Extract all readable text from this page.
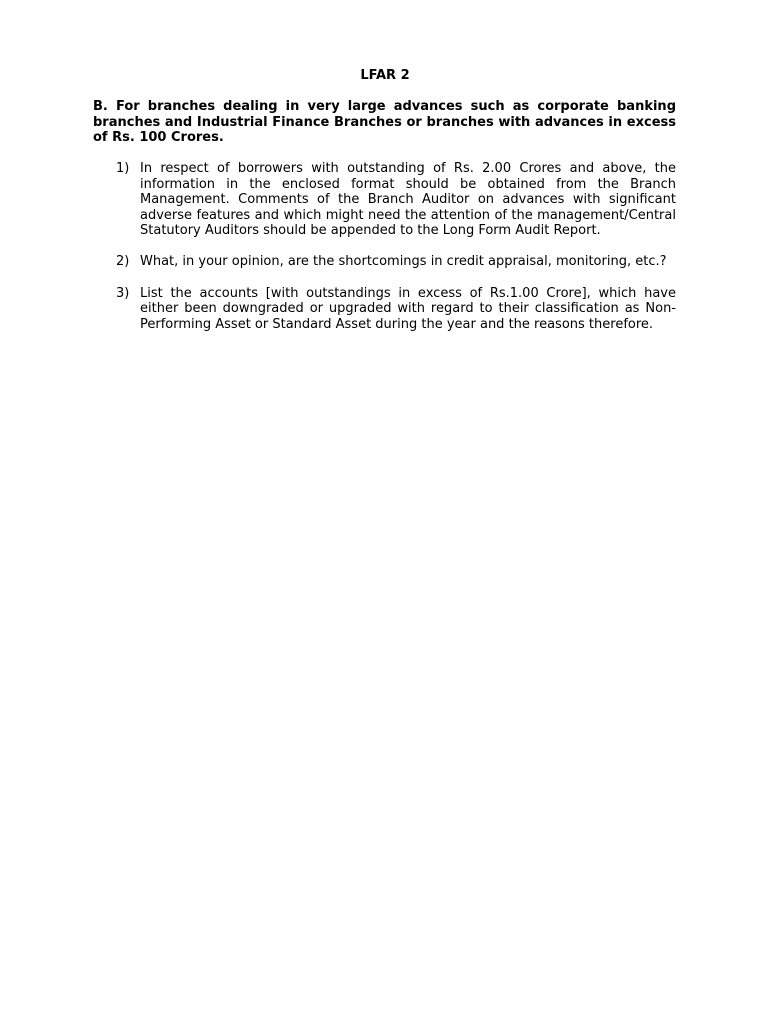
LFAR 2
B. For branches dealing in very large advances such as corporate banking branches and Industrial Finance Branches or branches with advances in excess of Rs. 100 Crores.
1) In respect of borrowers with outstanding of Rs. 2.00 Crores and above, the information in the enclosed format should be obtained from the Branch Management. Comments of the Branch Auditor on advances with significant adverse features and which might need the attention of the management/Central Statutory Auditors should be appended to the Long Form Audit Report.
2) What, in your opinion, are the shortcomings in credit appraisal, monitoring, etc.?
3) List the accounts [with outstandings in excess of Rs.1.00 Crore], which have either been downgraded or upgraded with regard to their classification as Non-Performing Asset or Standard Asset during the year and the reasons therefore.
